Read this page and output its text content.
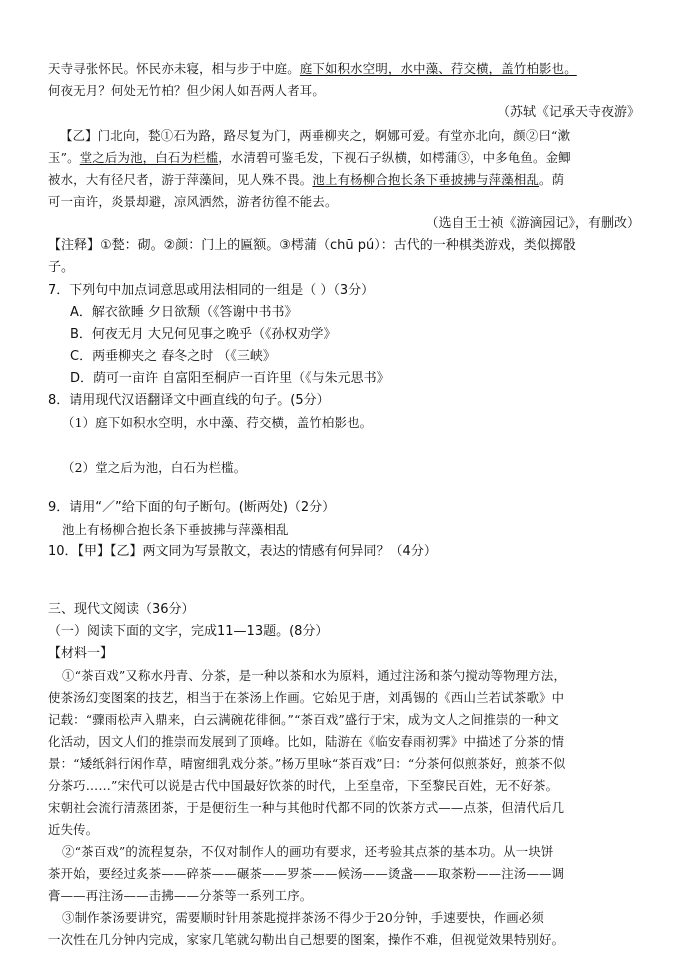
天寺寻张怀民。怀民亦未寝，相与步于中庭。庭下如积水空明，水中藻、荇交横，盖竹柏影也。
何夜无月？何处无竹柏？但少闲人如吾两人者耳。
（苏轼《记承天寺夜游》
【乙】门北向，甃①石为路，路尽复为门，两垂柳夹之，婀娜可爱。有堂亦北向，颜②曰“漱
玉”。堂之后为池，白石为栏槛，水清碧可鉴毛发，下视石子纵横，如樗蒲③，中多龟鱼。金鲫
被水，大有径尺者，游于萍藻间，见人殊不畏。池上有杨柳合抱长条下垂披拂与萍藻相乱。荫
可一亩许，炎景却避，凉风洒然，游者彷徨不能去。
（选自王士祯《游滴园记》，有删改）
【注释】①甃：砌。②颜：门上的匾额。③樗蒲（chū pú）：古代的一种棋类游戏，类似掷骰
子。
7．下列句中加点词意思或用法相同的一组是（ ）（3分）
A．解衣欲睡 夕日欲颓（《答谢中书书》
B．何夜无月 大兄何见事之晚乎（《孙权劝学》
C．两垂柳夹之 春冬之时 （《三峡》
D．荫可一亩许 自富阳至桐庐一百许里（《与朱元思书》
8．请用现代汉语翻译文中画直线的句子。(5分）
（1）庭下如积水空明，水中藻、荇交横，盖竹柏影也。
（2）堂之后为池，白石为栏槛。
9．请用“／”给下面的句子断句。(断两处)（2分）
池上有杨柳合抱长条下垂披拂与萍藻相乱
10．【甲】【乙】两文同为写景散文，表达的情感有何异同？（4分）
三、现代文阅读（36分）
（一）阅读下面的文字，完成11—13题。(8分）
【材料一】
①“茶百戏”又称水丹青、分茶，是一种以茶和水为原料，通过注汤和茶勺搅动等物理方法，
使茶汤幻变图案的技艺，相当于在茶汤上作画。它始见于唐，刘禹锡的《西山兰若试茶歌》中
记载：“骤雨松声入鼎来，白云满碗花徘徊。”“茶百戏”盛行于宋，成为文人之间推崇的一种文
化活动，因文人们的推崇而发展到了顶峰。比如，陆游在《临安春雨初霁》中描述了分茶的情
景：“矮纸斜行闲作草，晴窗细乳戏分茶。”杨万里咏“茶百戏”曰：“分茶何似煎茶好，煎茶不似
分茶巧……”宋代可以说是古代中国最好饮茶的时代，上至皇帝，下至黎民百姓，无不好茶。
宋朝社会流行清蒸团茶，于是便衍生一种与其他时代都不同的饮茶方式——点茶，但清代后几
近失传。
②“茶百戏”的流程复杂，不仅对制作人的画功有要求，还考验其点茶的基本功。从一块饼
茶开始，要经过炙茶——碎茶——碾茶——罗茶——候汤——烫盏——取茶粉——注汤——调
膏——再注汤——击拂——分茶等一系列工序。
③制作茶汤要讲究，需要顺时针用茶匙搅拌茶汤不得少于20分钟，手速要快，作画必须
一次性在几分钟内完成，家家几笔就勾勒出自己想要的图案，操作不难，但视觉效果特别好。
